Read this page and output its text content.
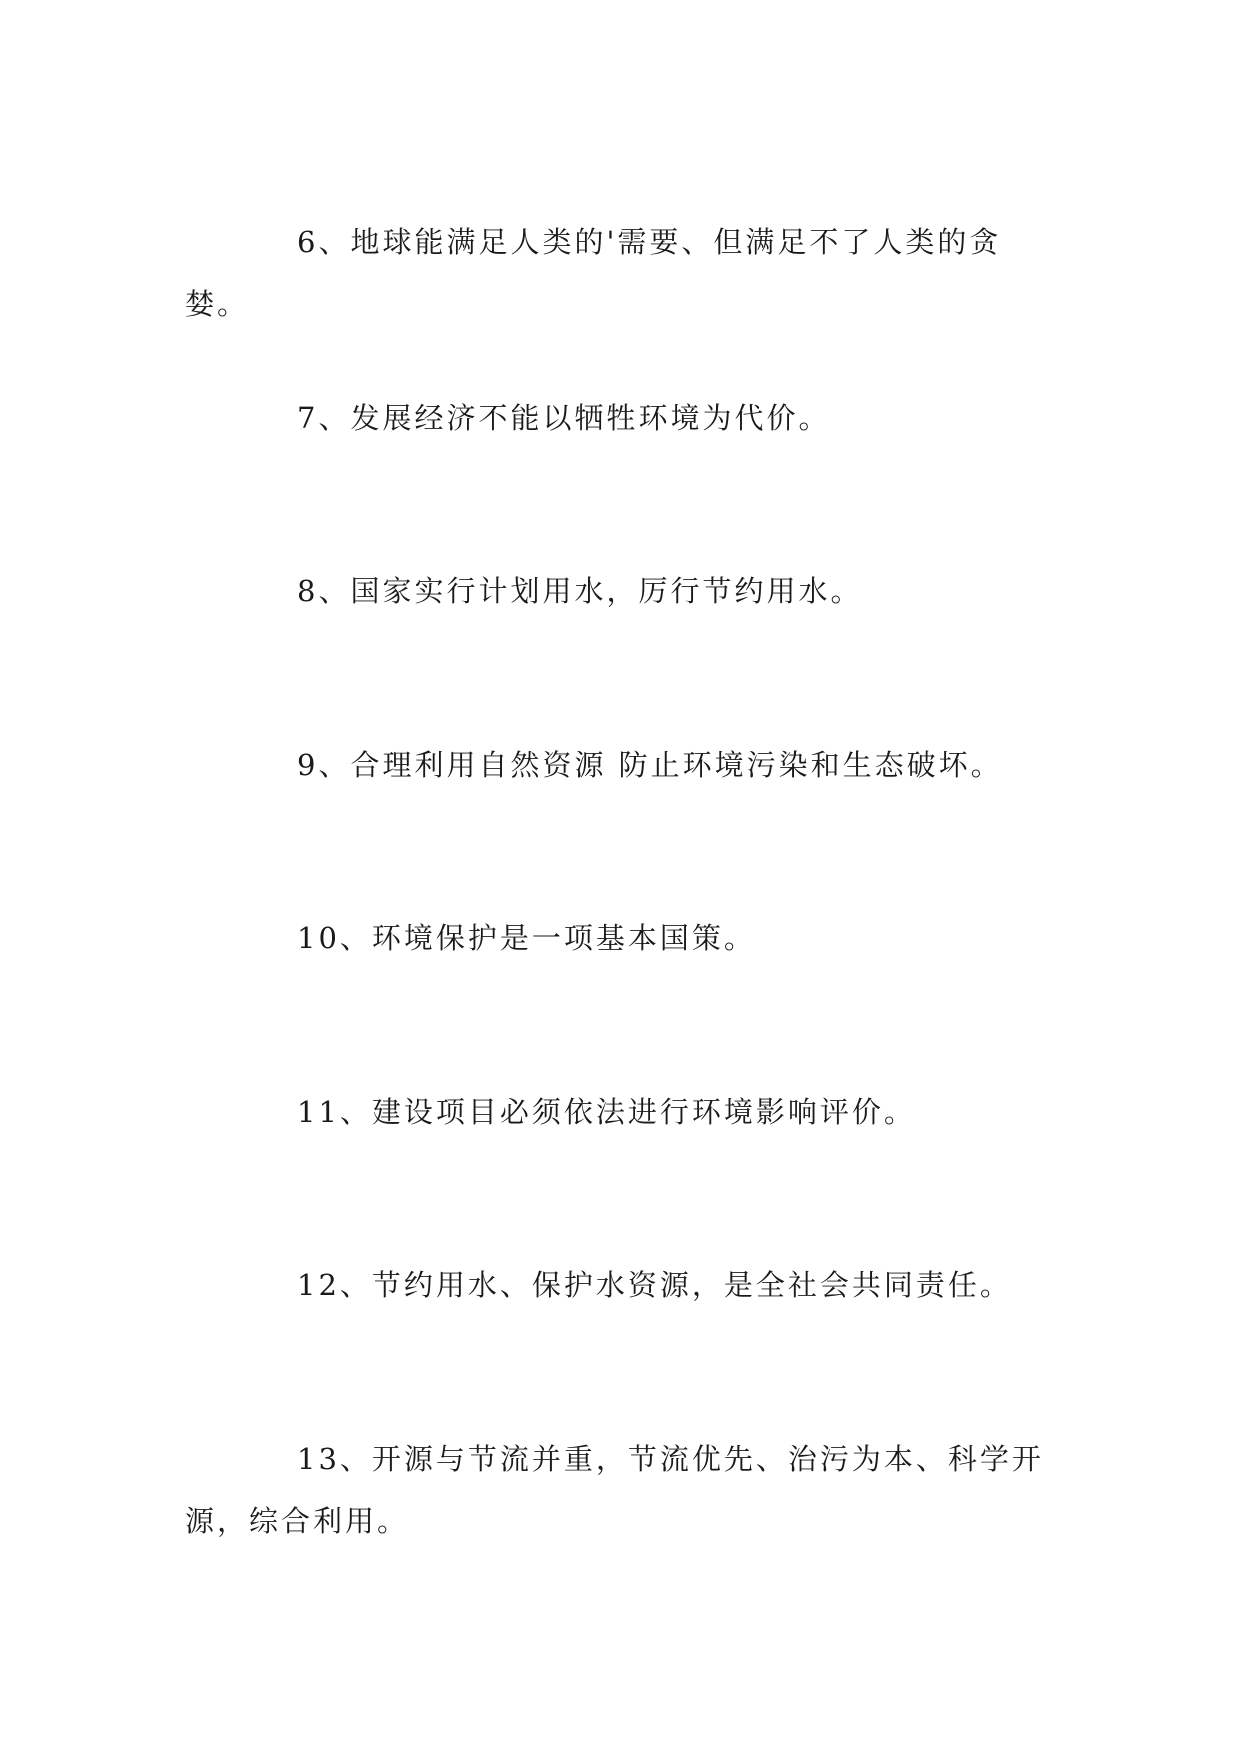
6、地球能满足人类的'需要、但满足不了人类的贪婪。

7、发展经济不能以牺牲环境为代价。

8、国家实行计划用水，厉行节约用水。

9、合理利用自然资源 防止环境污染和生态破坏。

10、环境保护是一项基本国策。

11、建设项目必须依法进行环境影响评价。

12、节约用水、保护水资源，是全社会共同责任。

13、开源与节流并重，节流优先、治污为本、科学开源，综合利用。
